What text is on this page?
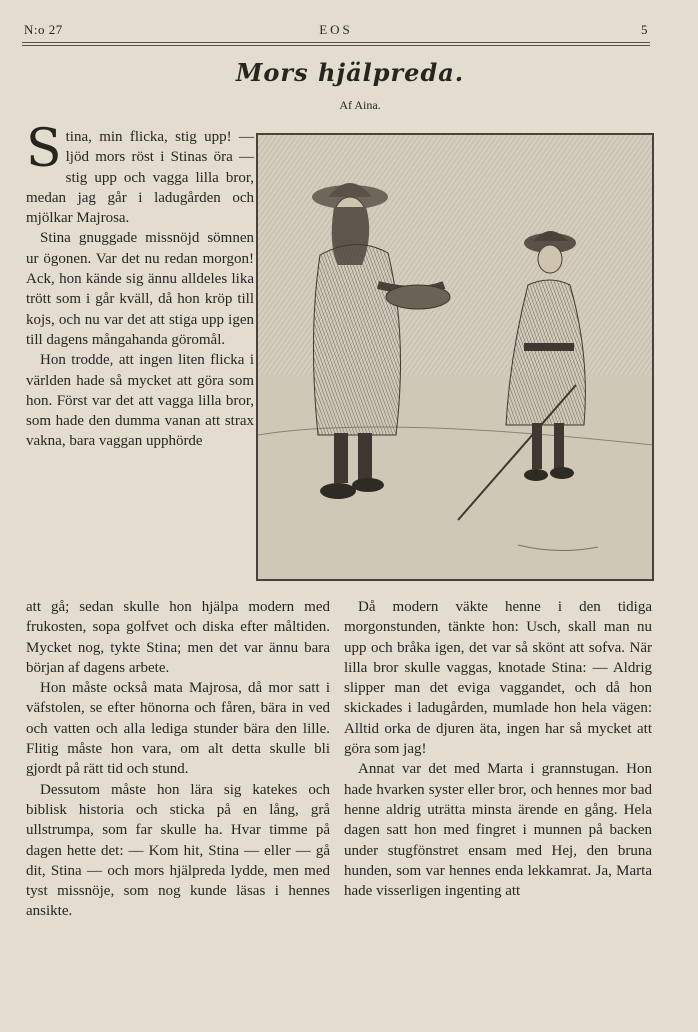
N:o 27	EOS	5
Mors hjälpreda.
Af Aina.

Stina, min flicka, stig upp! — ljöd mors röst i Stinas öra — stig upp och vagga lilla bror, medan jag går i ladugården och mjölkar Majrosa.

Stina gnuggade missnöjd sömnen ur ögonen. Var det nu redan morgon! Ack, hon kände sig ännu alldeles lika trött som i går kväll, då hon kröp till kojs, och nu var det att stiga upp igen till dagens mångahanda göromål.

Hon trodde, att ingen liten flicka i världen hade så mycket att göra som hon. Först var det att vagga lilla bror, som hade den dumma vanan att strax vakna, bara vaggan upphörde

att gå; sedan skulle hon hjälpa modern med frukosten, sopa golfvet och diska efter måltiden. Mycket nog, tykte Stina; men det var ännu bara början af dagens arbete.

Hon måste också mata Majrosa, då mor satt i väfstolen, se efter hönorna och fåren, bära in ved och vatten och alla lediga stunder bära den lille. Flitig måste hon vara, om alt detta skulle bli gjordt på rätt tid och stund.

Dessutom måste hon lära sig katekes och biblisk historia och sticka på en lång, grå ullstrumpa, som far skulle ha. Hvar timme på dagen hette det: — Kom hit, Stina — eller — gå dit, Stina — och mors hjälpreda lydde, men med tyst missnöje, som nog kunde läsas i hennes ansikte.

Då modern väkte henne i den tidiga morgonstunden, tänkte hon: Usch, skall man nu upp och bråka igen, det var så skönt att sofva. När lilla bror skulle vaggas, knotade Stina: — Aldrig slipper man det eviga vaggandet, och då hon skickades i ladugården, mumlade hon hela vägen: Alltid orka de djuren äta, ingen har så mycket att göra som jag!

Annat var det med Marta i grannstugan. Hon hade hvarken syster eller bror, och hennes mor bad henne aldrig uträtta minsta ärende en gång. Hela dagen satt hon med fingret i munnen på backen under stugfönstret ensam med Hej, den bruna hunden, som var hennes enda lekkamrat. Ja, Marta hade visserligen ingenting att
